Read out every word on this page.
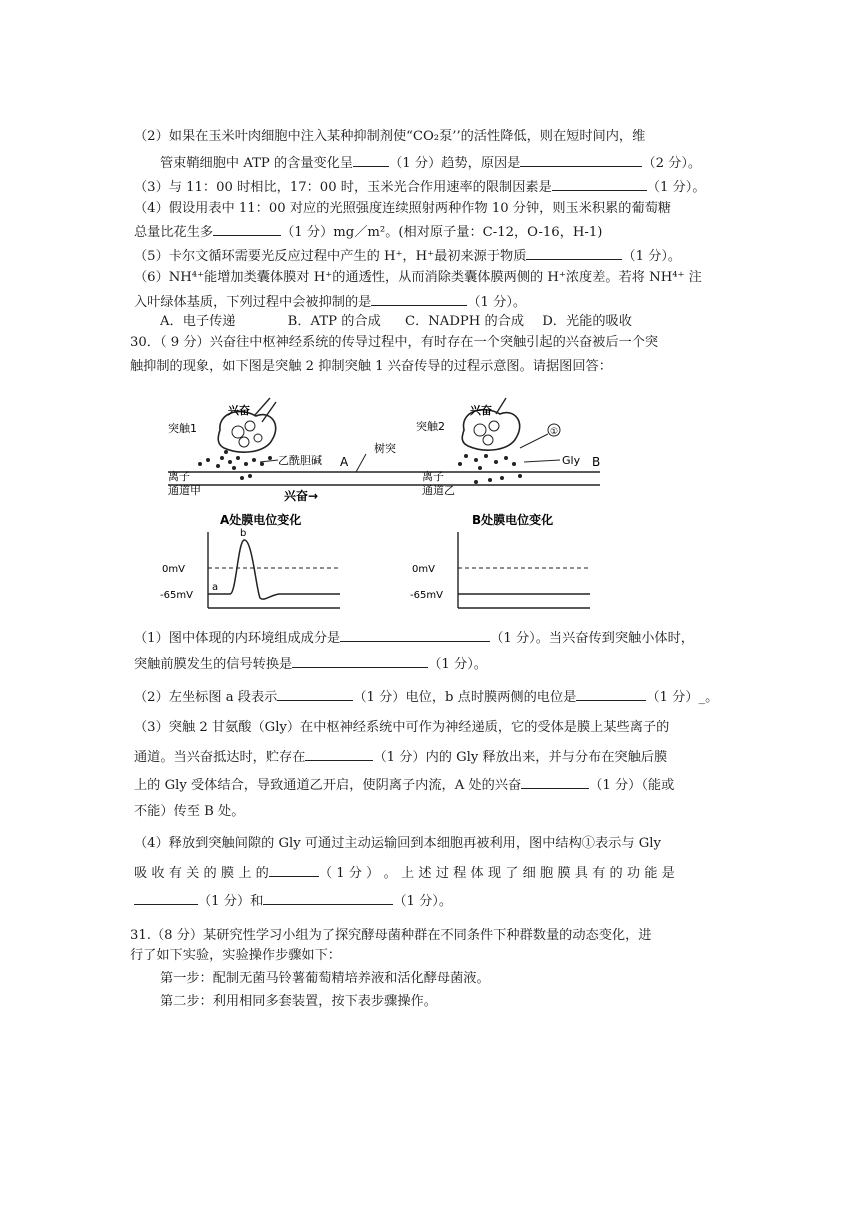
（2）如果在玉米叶肉细胞中注入某种抑制剂使“CO₂泵’’的活性降低，则在短时间内，维
管束鞘细胞中 ATP 的含量变化呈	（1 分）趋势，原因是	（2 分）。
（3）与 11：00 时相比，17：00 时，玉米光合作用速率的限制因素是	（1 分）。
（4）假设用表中 11：00 对应的光照强度连续照射两种作物 10 分钟，则玉米积累的葡萄糖
总量比花生多	（1 分）mg／m²。(相对原子量：C-12，O-16，H-1)
（5）卡尔文循环需要光反应过程中产生的 H⁺，H⁺最初来源于物质	（1 分）。
（6）NH⁴⁺能增加类囊体膜对 H⁺的通透性，从而消除类囊体膜两侧的 H⁺浓度差。若将 NH⁴⁺ 注
入叶绿体基质，下列过程中会被抑制的是	（1 分）。
A．电子传递	B．ATP 的合成 C．NADPH 的合成 D．光能的吸收
30．（ 9 分）兴奋往中枢神经系统的传导过程中，有时存在一个突触引起的兴奋被后一个突
触抑制的现象，如下图是突触 2 抑制突触 1 兴奋传导的过程示意图。请据图回答：
突触1
兴奋
乙酰胆碱 A
树突
离子
通道甲	兴奋→
突触2
兴奋
①
Gly B
离子
通道乙
A处膜电位变化
0mV
-65mV
a
b
B处膜电位变化
0mV
-65mV
（1）图中体现的内环境组成成分是	（1 分）。当兴奋传到突触小体时，
突触前膜发生的信号转换是	（1 分）。
（2）左坐标图 a 段表示	（1 分）电位，b 点时膜两侧的电位是	（1 分）_。
（3）突触 2 甘氨酸（Gly）在中枢神经系统中可作为神经递质，它的受体是膜上某些离子的
通道。当兴奋抵达时，贮存在	（1 分）内的 Gly 释放出来，并与分布在突触后膜
上的 Gly 受体结合，导致通道乙开启，使阴离子内流，A 处的兴奋	（1 分）（能或
不能）传至 B 处。
（4）释放到突触间隙的 Gly 可通过主动运输回到本细胞再被利用，图中结构①表示与 Gly
吸 收 有 关 的 膜 上 的	（ 1 分 ） 。 上 述 过 程 体 现 了 细 胞 膜 具 有 的 功 能 是
（1 分）和	（1 分）。
31.（8 分）某研究性学习小组为了探究酵母菌种群在不同条件下种群数量的动态变化，进
行了如下实验，实验操作步骤如下：
第一步：配制无菌马铃薯葡萄精培养液和活化酵母菌液。
第二步：利用相同多套装置，按下表步骤操作。
